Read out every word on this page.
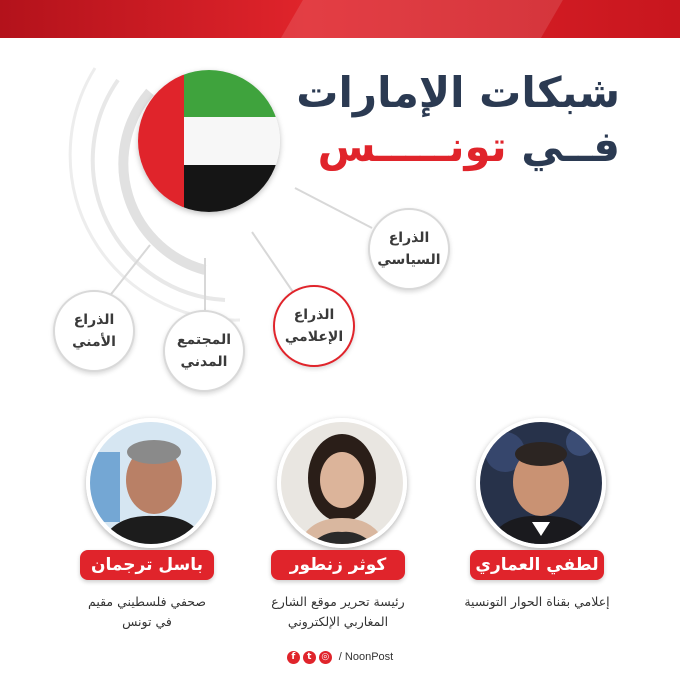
شبكات الإمارات
فــي تونـــــس
الذراع
السياسي
الذراع
الإعلامي
المجتمع
المدني
الذراع
الأمني
لطفي العماري
إعلامي بقناة الحوار التونسية
كوثر زنطور
رئيسة تحرير موقع الشارع
المغاربي الإلكتروني
باسل ترجمان
صحفي فلسطيني مقيم
في تونس
f	t	◎ / NoonPost
